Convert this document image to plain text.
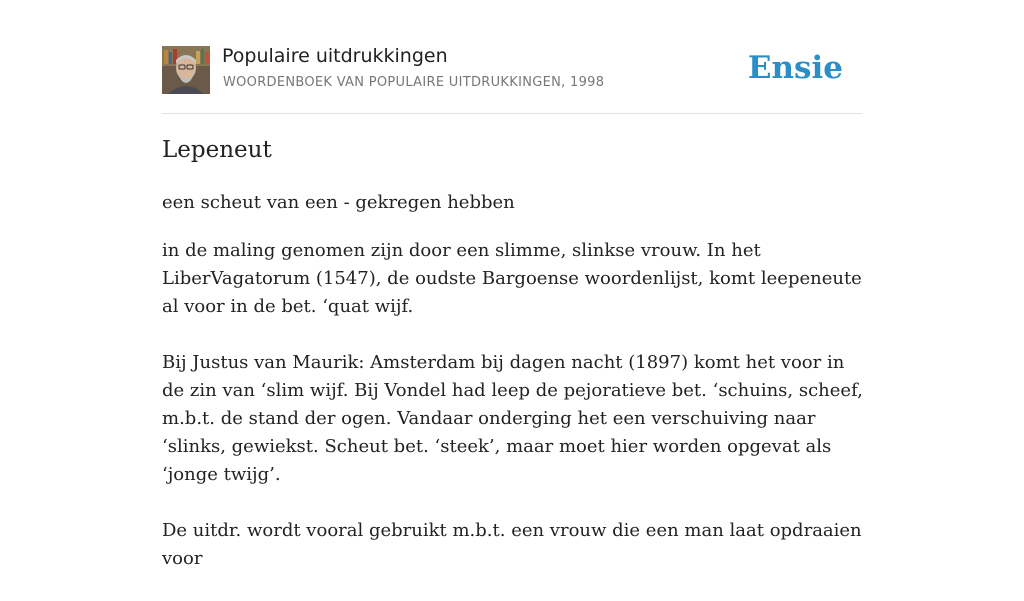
Populaire uitdrukkingen
WOORDENBOEK VAN POPULAIRE UITDRUKKINGEN, 1998	Ensie
Lepeneut
een scheut van een - gekregen hebben

in de maling genomen zijn door een slimme, slinkse vrouw. In het LiberVagatorum (1547), de oudste Bargoense woordenlijst, komt leepeneute al voor in de bet. ‘quat wijf.

Bij Justus van Maurik: Amsterdam bij dagen nacht (1897) komt het voor in de zin van ‘slim wijf. Bij Vondel had leep de pejoratieve bet. ‘schuins, scheef, m.b.t. de stand der ogen. Vandaar onderging het een verschuiving naar ‘slinks, gewiekst. Scheut bet. ‘steek’, maar moet hier worden opgevat als ‘jonge twijg’.

De uitdr. wordt vooral gebruikt m.b.t. een vrouw die een man laat opdraaien voor
